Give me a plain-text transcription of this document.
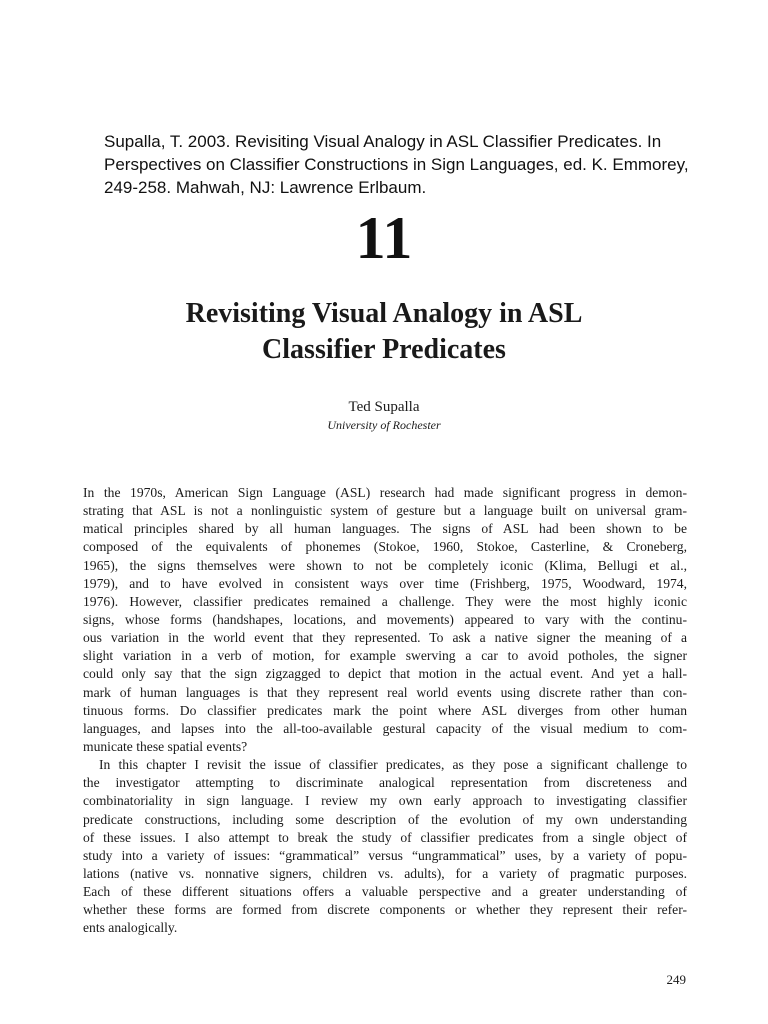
Supalla, T. 2003. Revisiting Visual Analogy in ASL Classifier Predicates. In
Perspectives on Classifier Constructions in Sign Languages, ed. K. Emmorey,
249-258. Mahwah, NJ: Lawrence Erlbaum.
11
Revisiting Visual Analogy in ASL
Classifier Predicates
Ted Supalla
University of Rochester
In the 1970s, American Sign Language (ASL) research had made significant progress in demon-
strating that ASL is not a nonlinguistic system of gesture but a language built on universal gram-
matical principles shared by all human languages. The signs of ASL had been shown to be
composed of the equivalents of phonemes (Stokoe, 1960, Stokoe, Casterline, & Croneberg,
1965), the signs themselves were shown to not be completely iconic (Klima, Bellugi et al.,
1979), and to have evolved in consistent ways over time (Frishberg, 1975, Woodward, 1974,
1976). However, classifier predicates remained a challenge. They were the most highly iconic
signs, whose forms (handshapes, locations, and movements) appeared to vary with the continu-
ous variation in the world event that they represented. To ask a native signer the meaning of a
slight variation in a verb of motion, for example swerving a car to avoid potholes, the signer
could only say that the sign zigzagged to depict that motion in the actual event. And yet a hall-
mark of human languages is that they represent real world events using discrete rather than con-
tinuous forms. Do classifier predicates mark the point where ASL diverges from other human
languages, and lapses into the all-too-available gestural capacity of the visual medium to com-
municate these spatial events?
In this chapter I revisit the issue of classifier predicates, as they pose a significant challenge to
the investigator attempting to discriminate analogical representation from discreteness and
combinatoriality in sign language. I review my own early approach to investigating classifier
predicate constructions, including some description of the evolution of my own understanding
of these issues. I also attempt to break the study of classifier predicates from a single object of
study into a variety of issues: “grammatical” versus “ungrammatical” uses, by a variety of popu-
lations (native vs. nonnative signers, children vs. adults), for a variety of pragmatic purposes.
Each of these different situations offers a valuable perspective and a greater understanding of
whether these forms are formed from discrete components or whether they represent their refer-
ents analogically.
249
